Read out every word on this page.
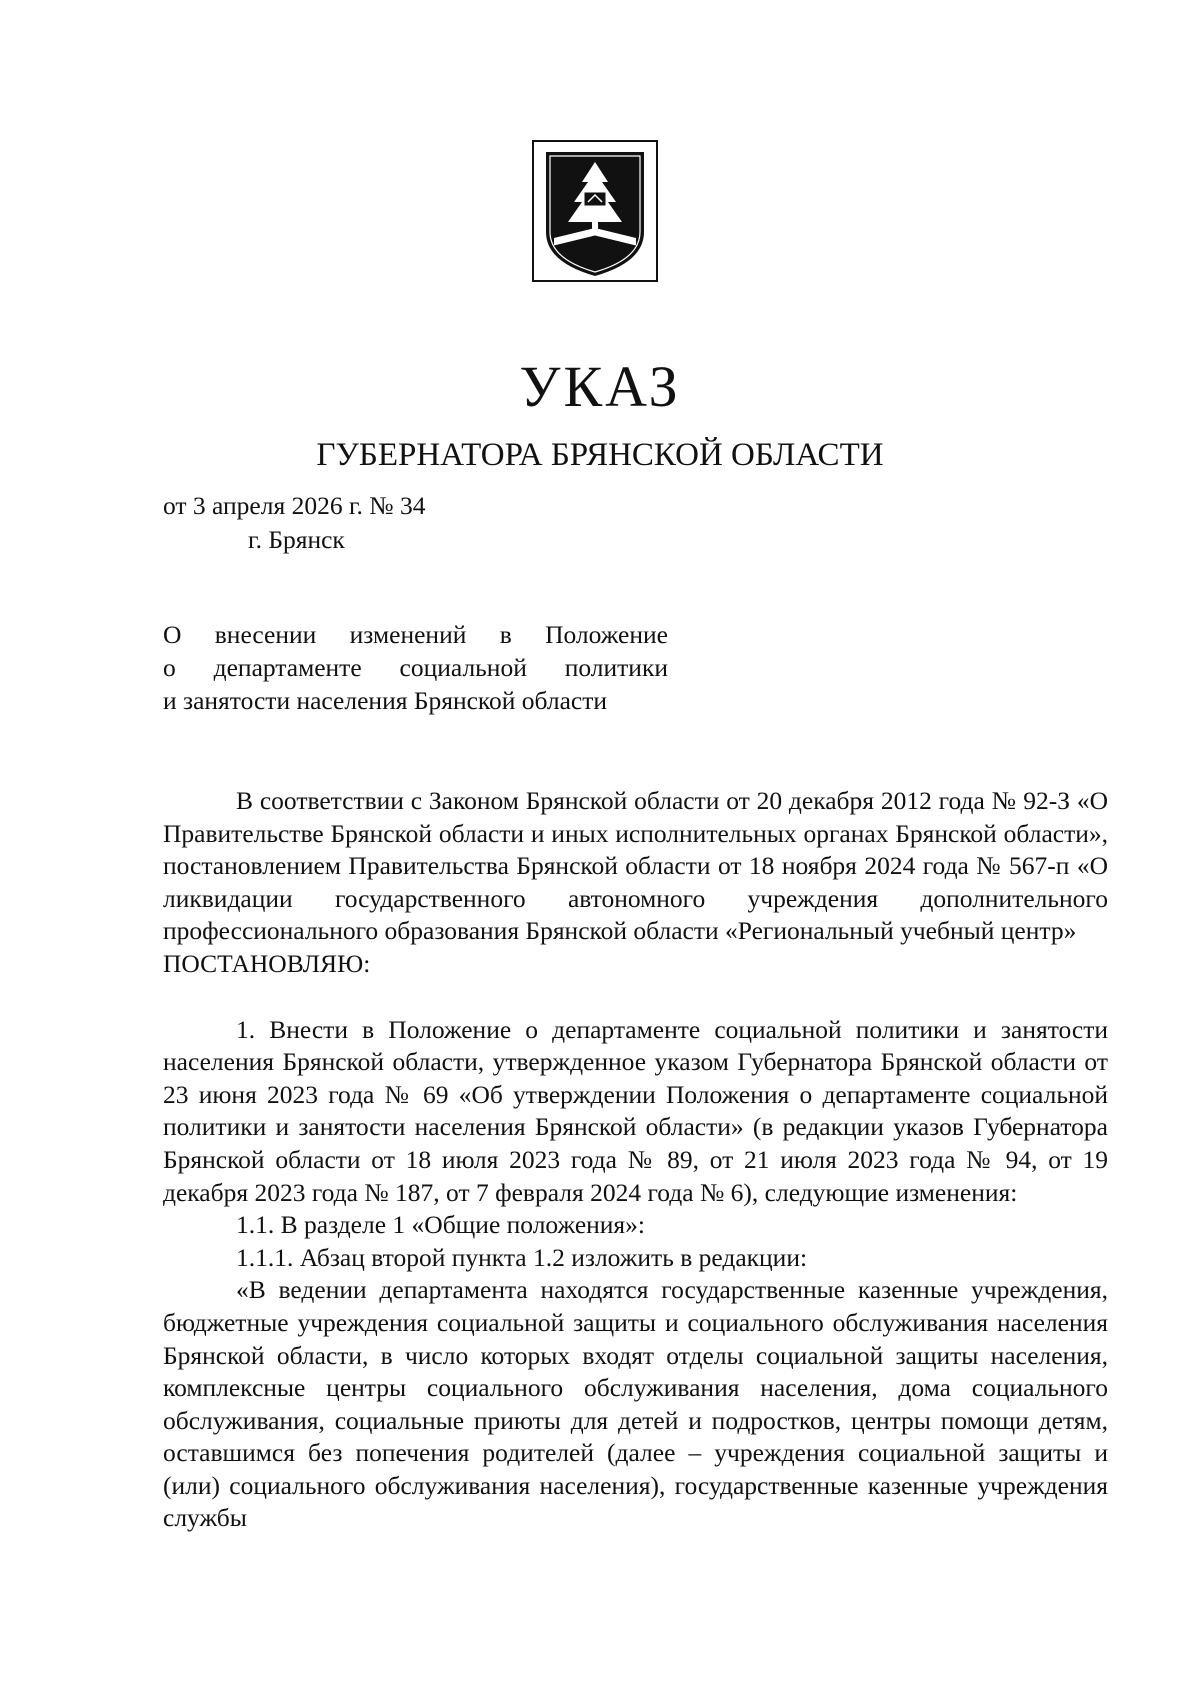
УКАЗ
ГУБЕРНАТОРА БРЯНСКОЙ ОБЛАСТИ
от 3 апреля 2026 г. № 34
г. Брянск

О внесении изменений в Положение

о департаменте социальной политики

и занятости населения Брянской области

В соответствии с Законом Брянской области от 20 декабря 2012 года № 92-З «О Правительстве Брянской области и иных исполнительных органах Брянской области», постановлением Правительства Брянской области от 18 ноября 2024 года № 567-п «О ликвидации государственного автономного учреждения дополнительного профессионального образования Брянской области «Региональный учебный центр»

ПОСТАНОВЛЯЮ:

1. Внести в Положение о департаменте социальной политики и занятости населения Брянской области, утвержденное указом Губернатора Брянской области от 23 июня 2023 года № 69 «Об утверждении Положения о департаменте социальной политики и занятости населения Брянской области» (в редакции указов Губернатора Брянской области от 18 июля 2023 года № 89, от 21 июля 2023 года № 94, от 19 декабря 2023 года № 187, от 7 февраля 2024 года № 6), следующие изменения:

1.1. В разделе 1 «Общие положения»:

1.1.1. Абзац второй пункта 1.2 изложить в редакции:

«В ведении департамента находятся государственные казенные учреждения, бюджетные учреждения социальной защиты и социального обслуживания населения Брянской области, в число которых входят отделы социальной защиты населения, комплексные центры социального обслуживания населения, дома социального обслуживания, социальные приюты для детей и подростков, центры помощи детям, оставшимся без попечения родителей (далее – учреждения социальной защиты и (или) социального обслуживания населения), государственные казенные учреждения службы
